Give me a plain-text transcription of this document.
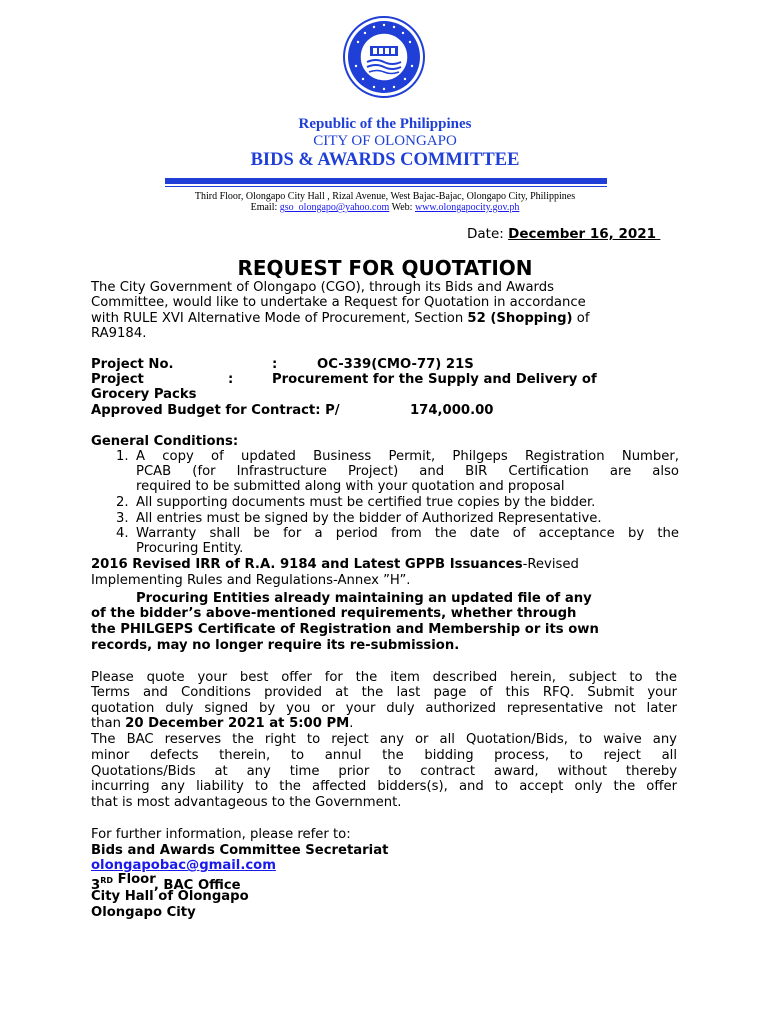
Republic of the Philippines
CITY OF OLONGAPO
BIDS & AWARDS COMMITTEE
Third Floor, Olongapo City Hall , Rizal Avenue, West Bajac-Bajac, Olongapo City, Philippines
Email: gso_olongapo@yahoo.com Web: www.olongapocity.gov.ph
Date: December 16, 2021
REQUEST FOR QUOTATION
The City Government of Olongapo (CGO), through its Bids and Awards
Committee, would like to undertake a Request for Quotation in accordance
with RULE XVI Alternative Mode of Procurement, Section 52 (Shopping) of
RA9184.
Project No.	:	OC-339(CMO-77) 21S
Project	:	Procurement for the Supply and Delivery of
Grocery Packs
Approved Budget for Contract: P/	174,000.00
General Conditions:
1. A copy of updated Business Permit, Philgeps Registration Number,
PCAB (for Infrastructure Project) and BIR Certification are also
required to be submitted along with your quotation and proposal
2. All supporting documents must be certified true copies by the bidder.
3. All entries must be signed by the bidder of Authorized Representative.
4. Warranty shall be for a period from the date of acceptance by the
Procuring Entity.
2016 Revised IRR of R.A. 9184 and Latest GPPB Issuances-Revised
Implementing Rules and Regulations-Annex ”H”.
Procuring Entities already maintaining an updated file of any
of the bidder’s above-mentioned requirements, whether through
the PHILGEPS Certificate of Registration and Membership or its own
records, may no longer require its re-submission.
Please quote your best offer for the item described herein, subject to the
Terms and Conditions provided at the last page of this RFQ. Submit your
quotation duly signed by you or your duly authorized representative not later
than 20 December 2021 at 5:00 PM.
The BAC reserves the right to reject any or all Quotation/Bids, to waive any
minor defects therein, to annul the bidding process, to reject all
Quotations/Bids at any time prior to contract award, without thereby
incurring any liability to the affected bidders(s), and to accept only the offer
that is most advantageous to the Government.
For further information, please refer to:
Bids and Awards Committee Secretariat
olongapobac@gmail.com
3RD Floor, BAC Office
City Hall of Olongapo
Olongapo City
